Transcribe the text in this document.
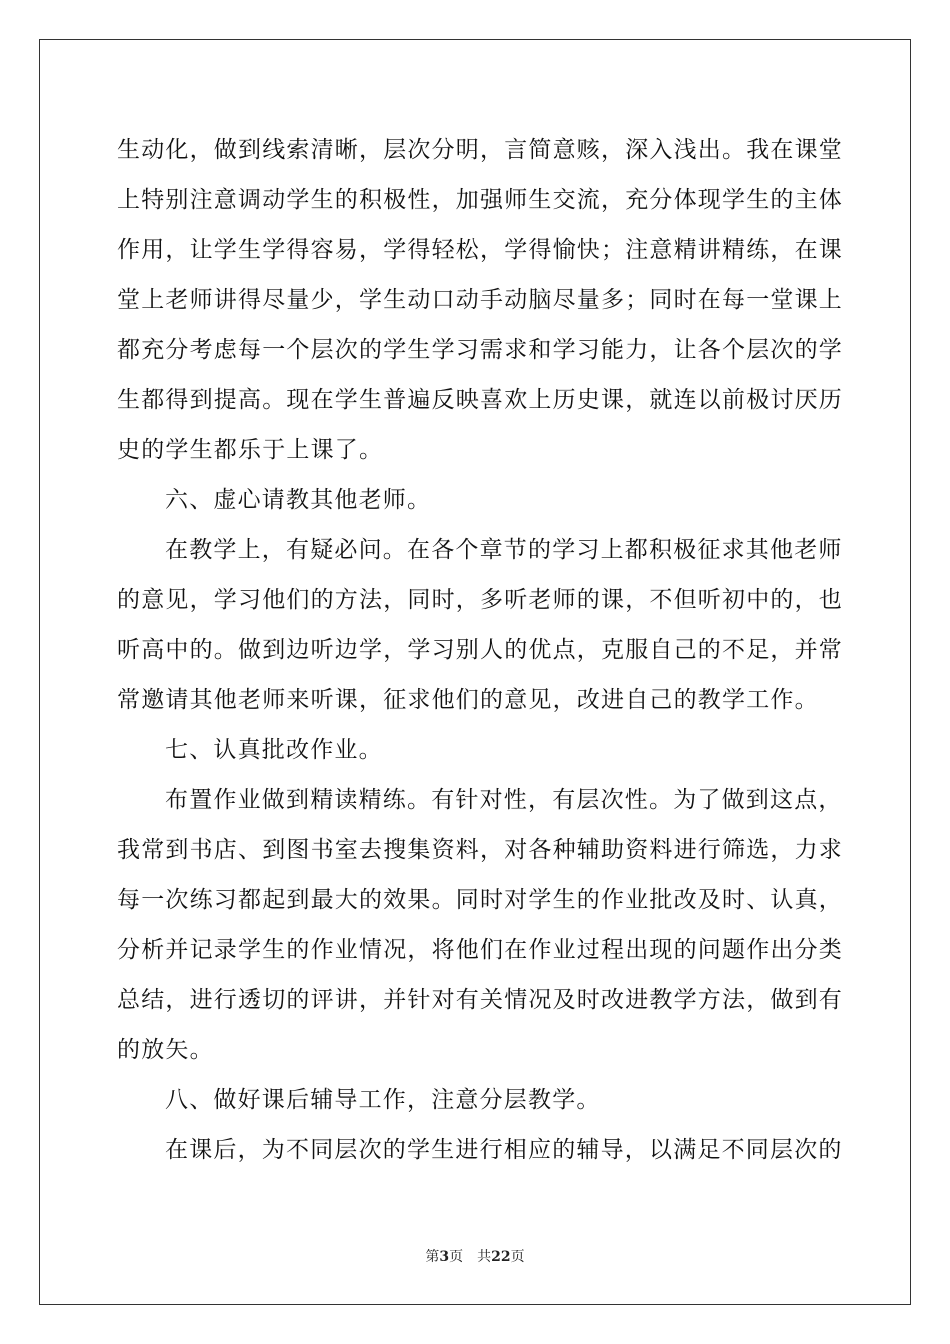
生动化，做到线索清晰，层次分明，言简意赅，深入浅出。我在课堂
上特别注意调动学生的积极性，加强师生交流，充分体现学生的主体
作用，让学生学得容易，学得轻松，学得愉快；注意精讲精练，在课
堂上老师讲得尽量少，学生动口动手动脑尽量多；同时在每一堂课上
都充分考虑每一个层次的学生学习需求和学习能力，让各个层次的学
生都得到提高。现在学生普遍反映喜欢上历史课，就连以前极讨厌历
史的学生都乐于上课了。
六、虚心请教其他老师。
在教学上，有疑必问。在各个章节的学习上都积极征求其他老师
的意见，学习他们的方法，同时，多听老师的课，不但听初中的，也
听高中的。做到边听边学，学习别人的优点，克服自己的不足，并常
常邀请其他老师来听课，征求他们的意见，改进自己的教学工作。
七、认真批改作业。
布置作业做到精读精练。有针对性，有层次性。为了做到这点，
我常到书店、到图书室去搜集资料，对各种辅助资料进行筛选，力求
每一次练习都起到最大的效果。同时对学生的作业批改及时、认真，
分析并记录学生的作业情况，将他们在作业过程出现的问题作出分类
总结，进行透切的评讲，并针对有关情况及时改进教学方法，做到有
的放矢。
八、做好课后辅导工作，注意分层教学。
在课后，为不同层次的学生进行相应的辅导，以满足不同层次的
第3页 共22页
